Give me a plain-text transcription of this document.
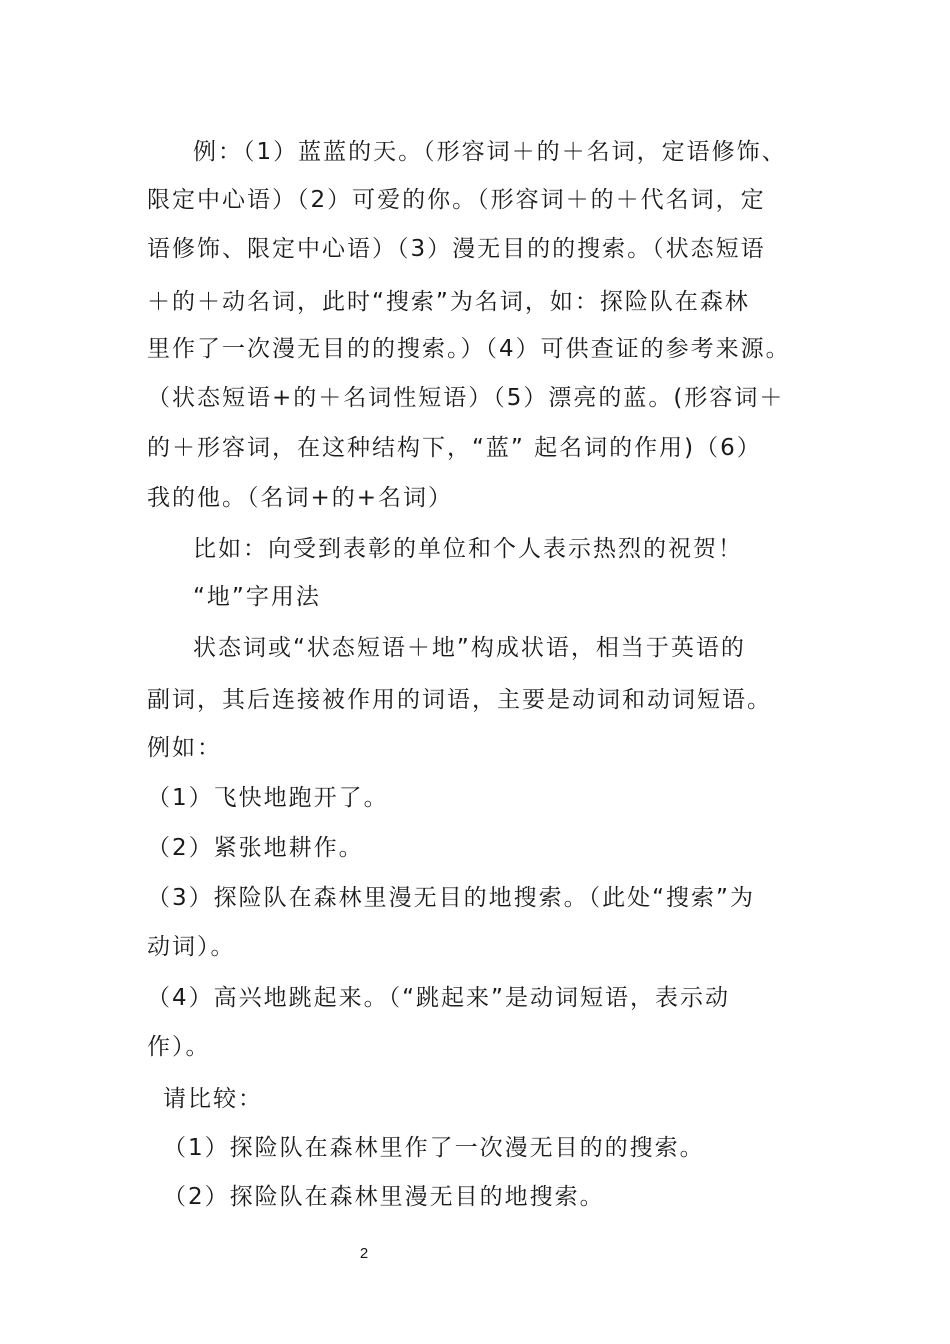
例：（1）蓝蓝的天。（形容词＋的＋名词，定语修饰、
限定中心语）（2）可爱的你。（形容词＋的＋代名词，定
语修饰、限定中心语）（3）漫无目的的搜索。（状态短语
＋的＋动名词，此时“搜索”为名词，如：探险队在森林
里作了一次漫无目的的搜索。）（4）可供查证的参考来源。
（状态短语+的＋名词性短语）（5）漂亮的蓝。(形容词＋
的＋形容词，在这种结构下，“蓝” 起名词的作用)（6）
我的他。（名词+的+名词）
比如：向受到表彰的单位和个人表示热烈的祝贺！
“地”字用法
状态词或“状态短语＋地”构成状语，相当于英语的
副词，其后连接被作用的词语，主要是动词和动词短语。
例如：
（1）飞快地跑开了。
（2）紧张地耕作。
（3）探险队在森林里漫无目的地搜索。（此处“搜索”为
动词）。
（4）高兴地跳起来。（“跳起来”是动词短语，表示动
作）。
请比较：
（1）探险队在森林里作了一次漫无目的的搜索。
（2）探险队在森林里漫无目的地搜索。
2
